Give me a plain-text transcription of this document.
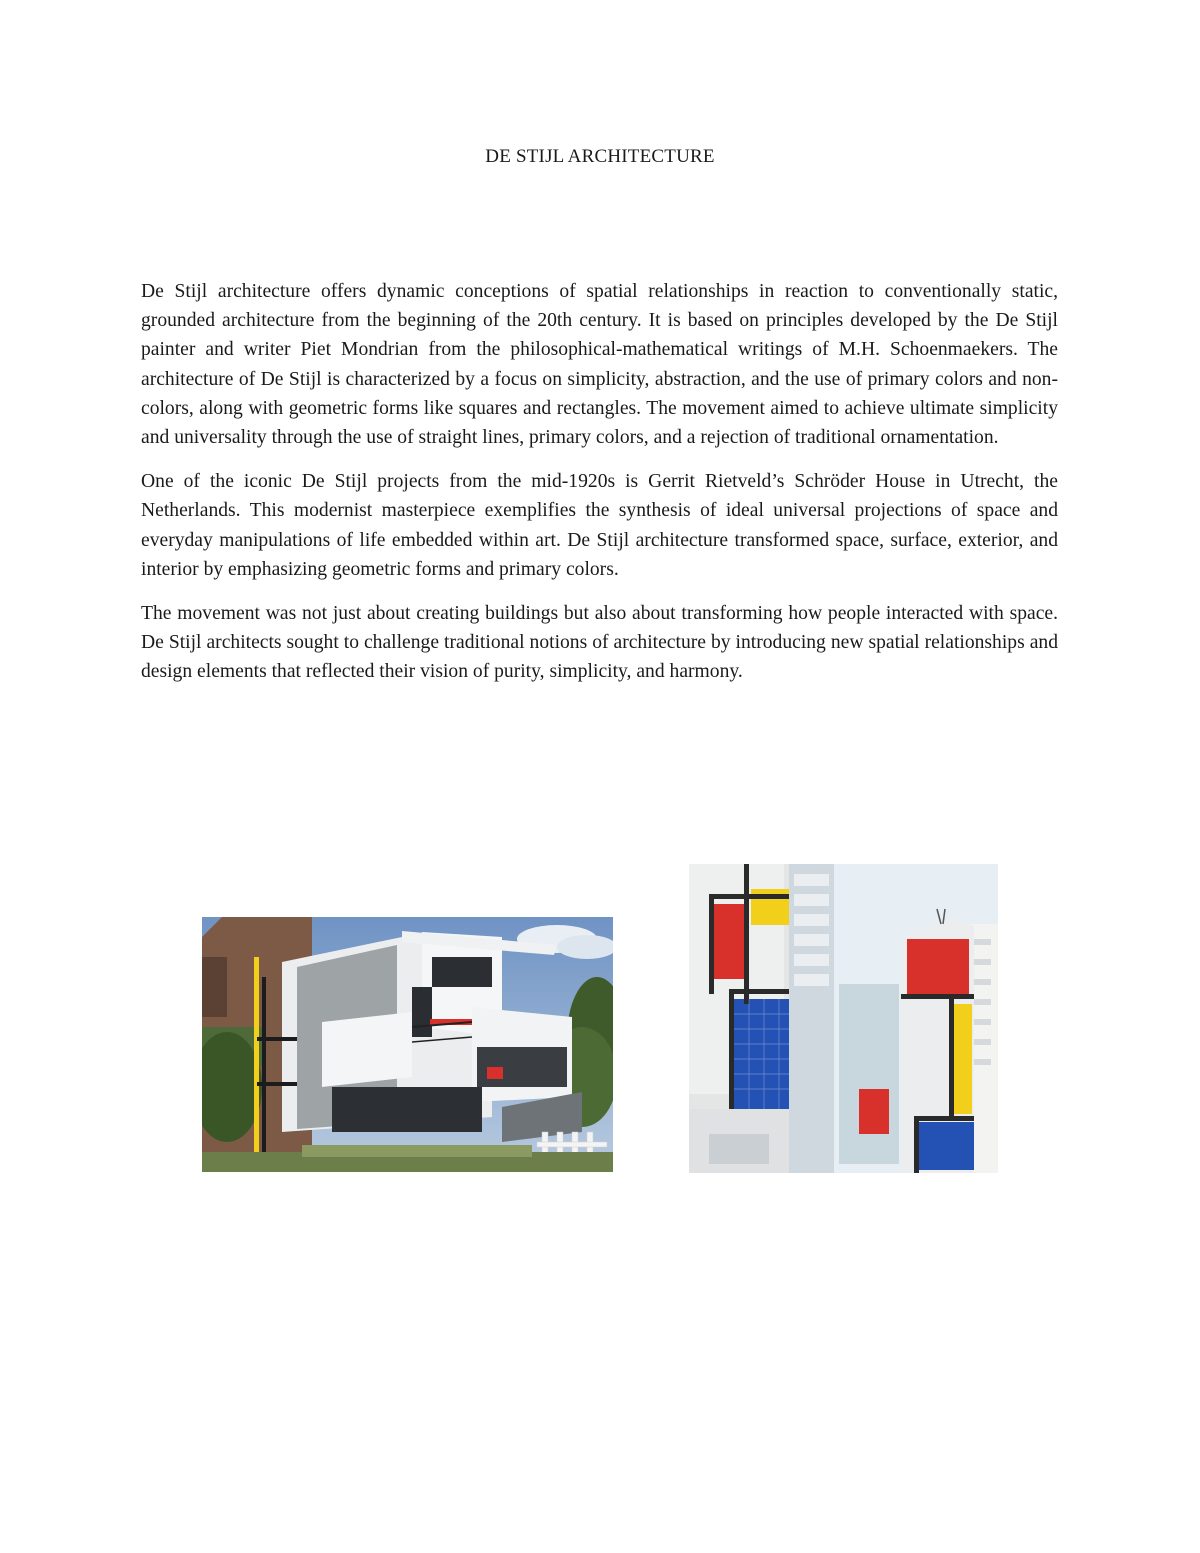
DE STIJL ARCHITECTURE

De Stijl architecture offers dynamic conceptions of spatial relationships in reaction to conventionally static, grounded architecture from the beginning of the 20th century. It is based on principles developed by the De Stijl painter and writer Piet Mondrian from the philosophical-mathematical writings of M.H. Schoenmaekers. The architecture of De Stijl is characterized by a focus on simplicity, abstraction, and the use of primary colors and non-colors, along with geometric forms like squares and rectangles. The movement aimed to achieve ultimate simplicity and universality through the use of straight lines, primary colors, and a rejection of traditional ornamentation.

One of the iconic De Stijl projects from the mid-1920s is Gerrit Rietveld’s Schröder House in Utrecht, the Netherlands. This modernist masterpiece exemplifies the synthesis of ideal universal projections of space and everyday manipulations of life embedded within art. De Stijl architecture transformed space, surface, exterior, and interior by emphasizing geometric forms and primary colors.

The movement was not just about creating buildings but also about transforming how people interacted with space. De Stijl architects sought to challenge traditional notions of architecture by introducing new spatial relationships and design elements that reflected their vision of purity, simplicity, and harmony.
